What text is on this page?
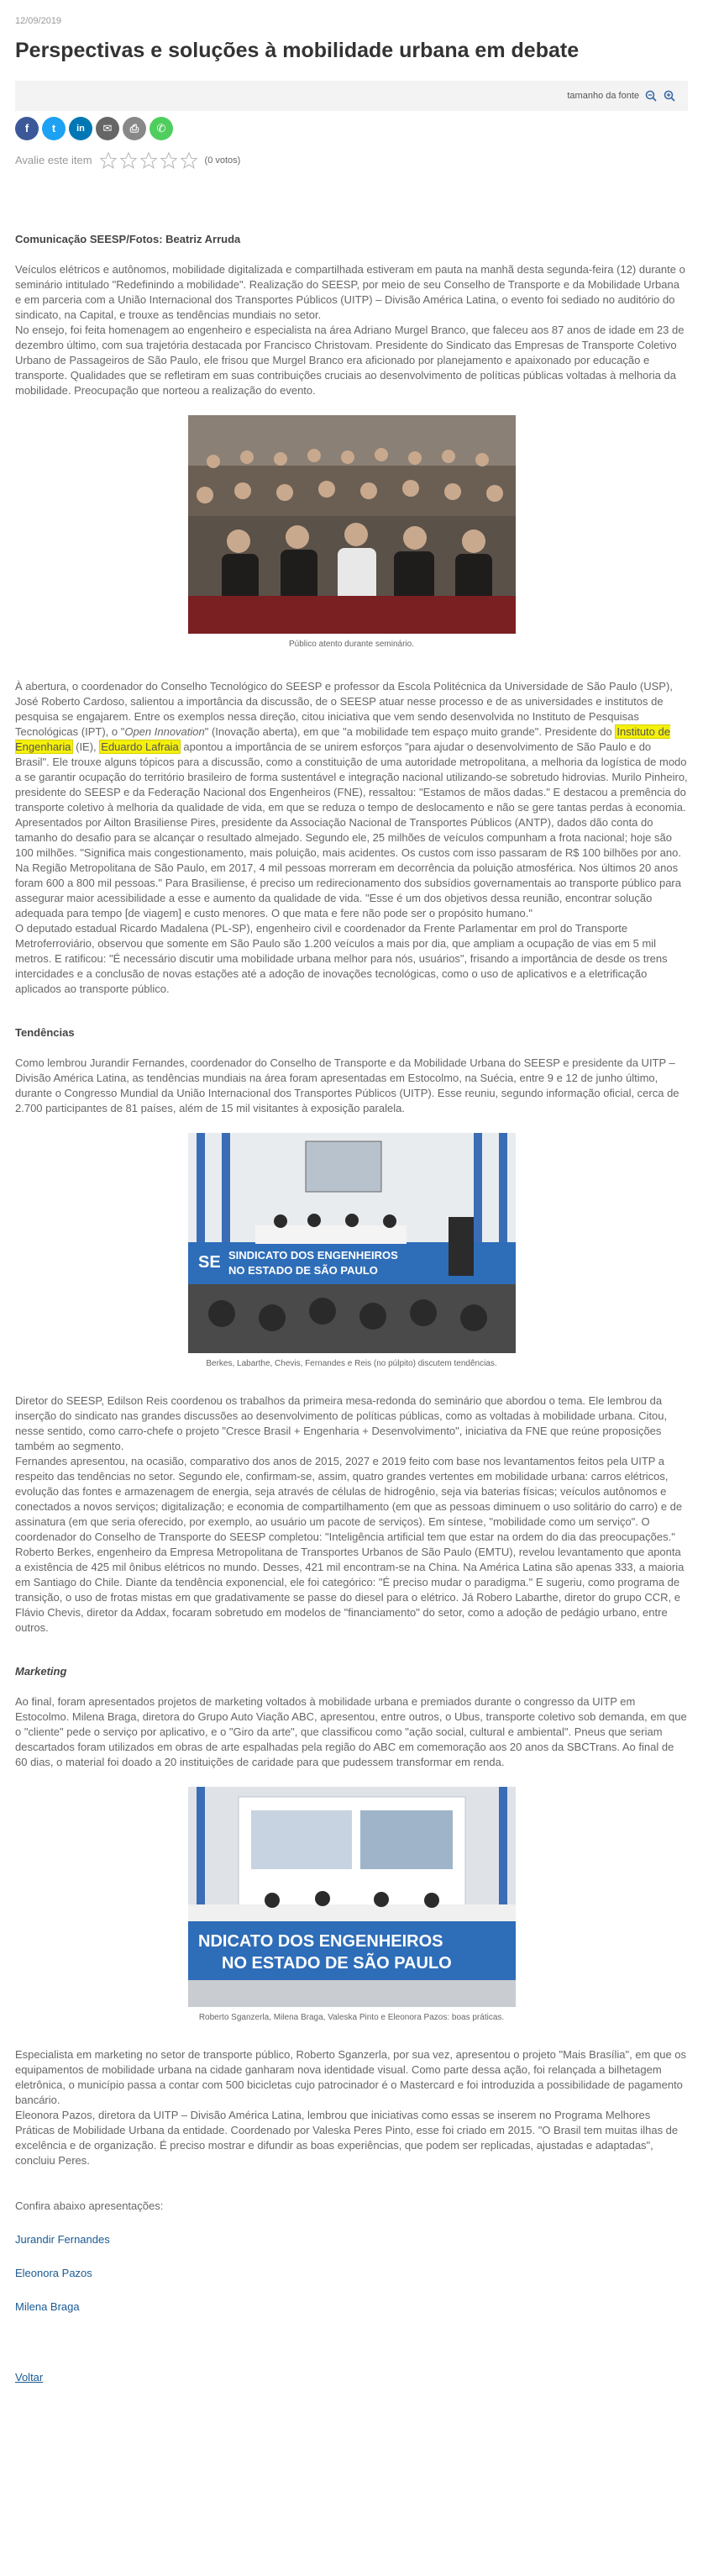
12/09/2019
Perspectivas e soluções à mobilidade urbana em debate
tamanho da fonte
f	t	in	✉	⎙	✆
Avalie este item	(0 votos)

Comunicação SEESP/Fotos: Beatriz Arruda

Veículos elétricos e autônomos, mobilidade digitalizada e compartilhada estiveram em pauta na manhã desta segunda-feira (12) durante o seminário intitulado "Redefinindo a mobilidade". Realização do SEESP, por meio de seu Conselho de Transporte e da Mobilidade Urbana e em parceria com a União Internacional dos Transportes Públicos (UITP) – Divisão América Latina, o evento foi sediado no auditório do sindicato, na Capital, e trouxe as tendências mundiais no setor.

No ensejo, foi feita homenagem ao engenheiro e especialista na área Adriano Murgel Branco, que faleceu aos 87 anos de idade em 23 de dezembro último, com sua trajetória destacada por Francisco Christovam. Presidente do Sindicato das Empresas de Transporte Coletivo Urbano de Passageiros de São Paulo, ele frisou que Murgel Branco era aficionado por planejamento e apaixonado por educação e transporte. Qualidades que se refletiram em suas contribuições cruciais ao desenvolvimento de políticas públicas voltadas à melhoria da mobilidade. Preocupação que norteou a realização do evento.

Público atento durante seminário.

À abertura, o coordenador do Conselho Tecnológico do SEESP e professor da Escola Politécnica da Universidade de São Paulo (USP), José Roberto Cardoso, salientou a importância da discussão, de o SEESP atuar nesse processo e de as universidades e institutos de pesquisa se engajarem. Entre os exemplos nessa direção, citou iniciativa que vem sendo desenvolvida no Instituto de Pesquisas Tecnológicas (IPT), o "Open Innovation" (Inovação aberta), em que "a mobilidade tem espaço muito grande". Presidente do Instituto de Engenharia (IE), Eduardo Lafraia apontou a importância de se unirem esforços "para ajudar o desenvolvimento de São Paulo e do Brasil". Ele trouxe alguns tópicos para a discussão, como a constituição de uma autoridade metropolitana, a melhoria da logística de modo a se garantir ocupação do território brasileiro de forma sustentável e integração nacional utilizando-se sobretudo hidrovias. Murilo Pinheiro, presidente do SEESP e da Federação Nacional dos Engenheiros (FNE), ressaltou: "Estamos de mãos dadas." E destacou a premência do transporte coletivo à melhoria da qualidade de vida, em que se reduza o tempo de deslocamento e não se gere tantas perdas à economia.

Apresentados por Ailton Brasiliense Pires, presidente da Associação Nacional de Transportes Públicos (ANTP), dados dão conta do tamanho do desafio para se alcançar o resultado almejado. Segundo ele, 25 milhões de veículos compunham a frota nacional; hoje são 100 milhões. "Significa mais congestionamento, mais poluição, mais acidentes. Os custos com isso passaram de R$ 100 bilhões por ano. Na Região Metropolitana de São Paulo, em 2017, 4 mil pessoas morreram em decorrência da poluição atmosférica. Nos últimos 20 anos foram 600 a 800 mil pessoas." Para Brasiliense, é preciso um redirecionamento dos subsídios governamentais ao transporte público para assegurar maior acessibilidade a esse e aumento da qualidade de vida. "Esse é um dos objetivos dessa reunião, encontrar solução adequada para tempo [de viagem] e custo menores. O que mata e fere não pode ser o propósito humano."

O deputado estadual Ricardo Madalena (PL-SP), engenheiro civil e coordenador da Frente Parlamentar em prol do Transporte Metroferroviário, observou que somente em São Paulo são 1.200 veículos a mais por dia, que ampliam a ocupação de vias em 5 mil metros. E ratificou: "É necessário discutir uma mobilidade urbana melhor para nós, usuários", frisando a importância de desde os trens intercidades e a conclusão de novas estações até a adoção de inovações tecnológicas, como o uso de aplicativos e a eletrificação aplicados ao transporte público.

Tendências

Como lembrou Jurandir Fernandes, coordenador do Conselho de Transporte e da Mobilidade Urbana do SEESP e presidente da UITP – Divisão América Latina, as tendências mundiais na área foram apresentadas em Estocolmo, na Suécia, entre 9 e 12 de junho último, durante o Congresso Mundial da União Internacional dos Transportes Públicos (UITP). Esse reuniu, segundo informação oficial, cerca de 2.700 participantes de 81 países, além de 15 mil visitantes à exposição paralela.

SE SINDICATO DOS ENGENHEIROS
NO ESTADO DE SÃO PAULO
Berkes, Labarthe, Chevis, Fernandes e Reis (no púlpito) discutem tendências.

Diretor do SEESP, Edilson Reis coordenou os trabalhos da primeira mesa-redonda do seminário que abordou o tema. Ele lembrou da inserção do sindicato nas grandes discussões ao desenvolvimento de políticas públicas, como as voltadas à mobilidade urbana. Citou, nesse sentido, como carro-chefe o projeto "Cresce Brasil + Engenharia + Desenvolvimento", iniciativa da FNE que reúne proposições também ao segmento.

Fernandes apresentou, na ocasião, comparativo dos anos de 2015, 2027 e 2019 feito com base nos levantamentos feitos pela UITP a respeito das tendências no setor. Segundo ele, confirmam-se, assim, quatro grandes vertentes em mobilidade urbana: carros elétricos, evolução das fontes e armazenagem de energia, seja através de células de hidrogênio, seja via baterias físicas; veículos autônomos e conectados a novos serviços; digitalização; e economia de compartilhamento (em que as pessoas diminuem o uso solitário do carro) e de assinatura (em que seria oferecido, por exemplo, ao usuário um pacote de serviços). Em síntese, "mobilidade como um serviço". O coordenador do Conselho de Transporte do SEESP completou: "Inteligência artificial tem que estar na ordem do dia das preocupações."

Roberto Berkes, engenheiro da Empresa Metropolitana de Transportes Urbanos de São Paulo (EMTU), revelou levantamento que aponta a existência de 425 mil ônibus elétricos no mundo. Desses, 421 mil encontram-se na China. Na América Latina são apenas 333, a maioria em Santiago do Chile. Diante da tendência exponencial, ele foi categórico: "É preciso mudar o paradigma." E sugeriu, como programa de transição, o uso de frotas mistas em que gradativamente se passe do diesel para o elétrico. Já Robero Labarthe, diretor do grupo CCR, e Flávio Chevis, diretor da Addax, focaram sobretudo em modelos de "financiamento" do setor, como a adoção de pedágio urbano, entre outros.

Marketing

Ao final, foram apresentados projetos de marketing voltados à mobilidade urbana e premiados durante o congresso da UITP em Estocolmo. Milena Braga, diretora do Grupo Auto Viação ABC, apresentou, entre outros, o Ubus, transporte coletivo sob demanda, em que o "cliente" pede o serviço por aplicativo, e o "Giro da arte", que classificou como "ação social, cultural e ambiental". Pneus que seriam descartados foram utilizados em obras de arte espalhadas pela região do ABC em comemoração aos 20 anos da SBCTrans. Ao final de 60 dias, o material foi doado a 20 instituições de caridade para que pudessem transformar em renda.

NDICATO DOS ENGENHEIROS
NO ESTADO DE SÃO PAULO
Roberto Sganzerla, Milena Braga, Valeska Pinto e Eleonora Pazos: boas práticas.

Especialista em marketing no setor de transporte público, Roberto Sganzerla, por sua vez, apresentou o projeto "Mais Brasília", em que os equipamentos de mobilidade urbana na cidade ganharam nova identidade visual. Como parte dessa ação, foi relançada a bilhetagem eletrônica, o município passa a contar com 500 bicicletas cujo patrocinador é o Mastercard e foi introduzida a possibilidade de pagamento bancário.

Eleonora Pazos, diretora da UITP – Divisão América Latina, lembrou que iniciativas como essas se inserem no Programa Melhores Práticas de Mobilidade Urbana da entidade. Coordenado por Valeska Peres Pinto, esse foi criado em 2015. "O Brasil tem muitas ilhas de excelência e de organização. É preciso mostrar e difundir as boas experiências, que podem ser replicadas, ajustadas e adaptadas", concluiu Peres.

Confira abaixo apresentações:

Jurandir Fernandes
Eleonora Pazos
Milena Braga
Voltar
